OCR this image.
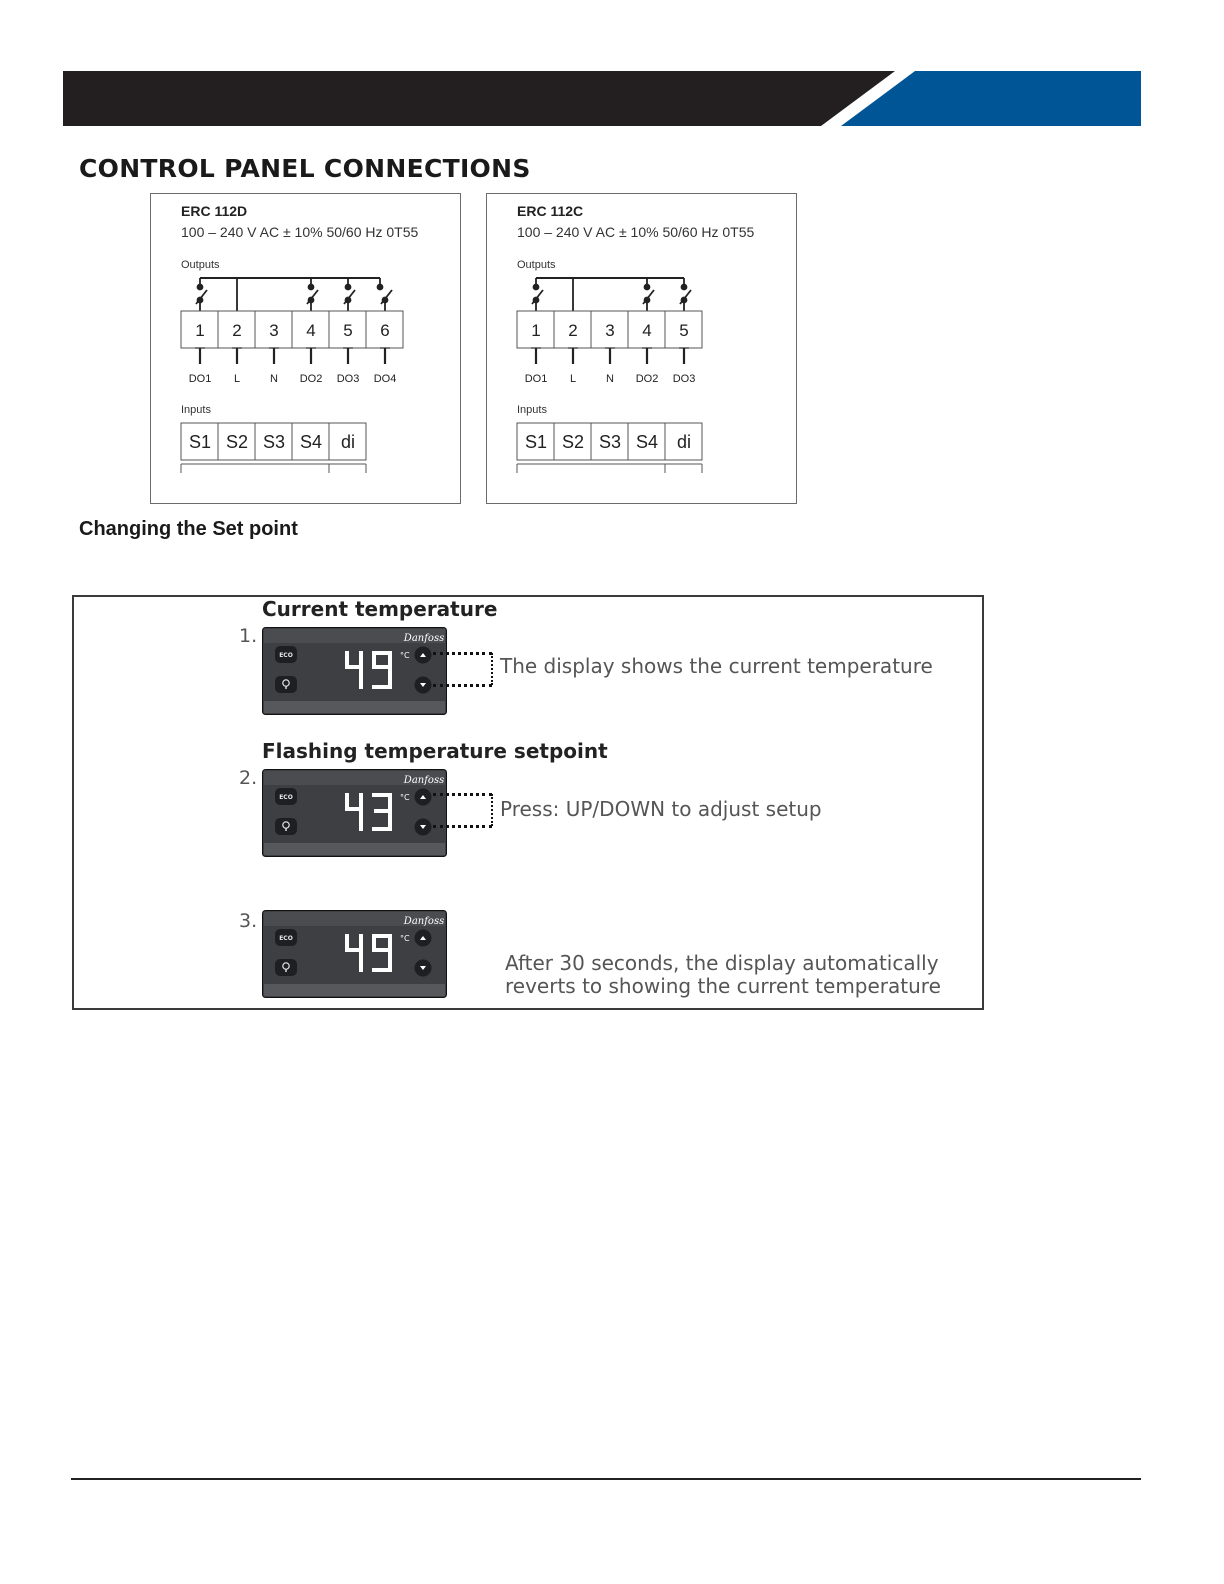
CONTROL PANEL CONNECTIONS
ERC 112D
100 – 240 V AC ± 10% 50/60 Hz 0T55
Outputs
Inputs
1 2 3 4 5 6
DO1 L	N DO2 DO3 DO4
S1 S2 S3 S4 di
ERC 112C
100 – 240 V AC ± 10% 50/60 Hz 0T55
Outputs
Inputs
1 2 3 4 5
DO1 L	N DO2 DO3
S1 S2 S3 S4 di
Changing the Set point
Current temperature
1.	Danfoss
ECO	°C	The display shows the current temperature
Flashing temperature setpoint
2.	Danfoss
ECO	°C	Press: UP/DOWN to adjust setup
3.	Danfoss
ECO	°C
After 30 seconds, the display automatically
reverts to showing the current temperature
